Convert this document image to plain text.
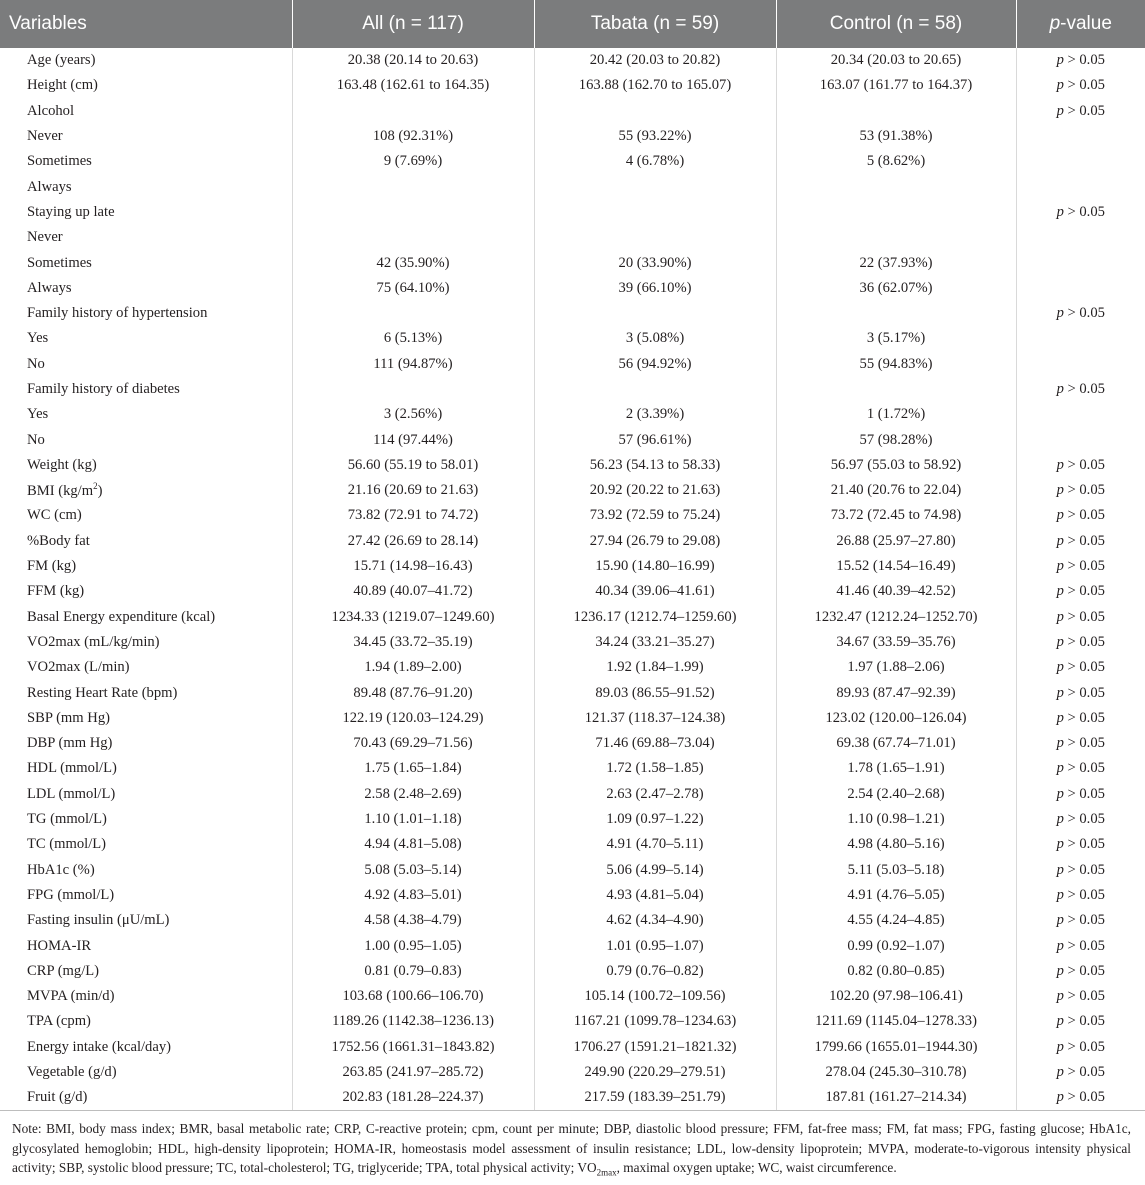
Variables	All (n = 117)	Tabata (n = 59)	Control (n = 58)	p-value
Age (years)	20.38 (20.14 to 20.63)	20.42 (20.03 to 20.82)	20.34 (20.03 to 20.65)	p > 0.05
Height (cm)	163.48 (162.61 to 164.35)	163.88 (162.70 to 165.07)	163.07 (161.77 to 164.37)	p > 0.05
Alcohol				p > 0.05
Never	108 (92.31%)	55 (93.22%)	53 (91.38%)	
Sometimes	9 (7.69%)	4 (6.78%)	5 (8.62%)	
Always				
Staying up late				p > 0.05
Never				
Sometimes	42 (35.90%)	20 (33.90%)	22 (37.93%)	
Always	75 (64.10%)	39 (66.10%)	36 (62.07%)	
Family history of hypertension				p > 0.05
Yes	6 (5.13%)	3 (5.08%)	3 (5.17%)	
No	111 (94.87%)	56 (94.92%)	55 (94.83%)	
Family history of diabetes				p > 0.05
Yes	3 (2.56%)	2 (3.39%)	1 (1.72%)	
No	114 (97.44%)	57 (96.61%)	57 (98.28%)	
Weight (kg)	56.60 (55.19 to 58.01)	56.23 (54.13 to 58.33)	56.97 (55.03 to 58.92)	p > 0.05
BMI $(kg/m^2)$	21.16 (20.69 to 21.63)	20.92 (20.22 to 21.63)	21.40 (20.76 to 22.04)	p > 0.05
WC (cm)	73.82 (72.91 to 74.72)	73.92 (72.59 to 75.24)	73.72 (72.45 to 74.98)	p > 0.05
%Body fat	27.42 (26.69 to 28.14)	27.94 (26.79 to 29.08)	26.88 (25.97–27.80)	p > 0.05
FM (kg)	15.71 (14.98–16.43)	15.90 (14.80–16.99)	15.52 (14.54–16.49)	p > 0.05
FFM (kg)	40.89 (40.07–41.72)	40.34 (39.06–41.61)	41.46 (40.39–42.52)	p > 0.05
Basal Energy expenditure (kcal)	1234.33 (1219.07–1249.60)	1236.17 (1212.74–1259.60)	1232.47 (1212.24–1252.70)	p > 0.05
VO2max (mL/kg/min)	34.45 (33.72–35.19)	34.24 (33.21–35.27)	34.67 (33.59–35.76)	p > 0.05
VO2max (L/min)	1.94 (1.89–2.00)	1.92 (1.84–1.99)	1.97 (1.88–2.06)	p > 0.05
Resting Heart Rate (bpm)	89.48 (87.76–91.20)	89.03 (86.55–91.52)	89.93 (87.47–92.39)	p > 0.05
SBP (mm Hg)	122.19 (120.03–124.29)	121.37 (118.37–124.38)	123.02 (120.00–126.04)	p > 0.05
DBP (mm Hg)	70.43 (69.29–71.56)	71.46 (69.88–73.04)	69.38 (67.74–71.01)	p > 0.05
HDL (mmol/L)	1.75 (1.65–1.84)	1.72 (1.58–1.85)	1.78 (1.65–1.91)	p > 0.05
LDL (mmol/L)	2.58 (2.48–2.69)	2.63 (2.47–2.78)	2.54 (2.40–2.68)	p > 0.05
TG (mmol/L)	1.10 (1.01–1.18)	1.09 (0.97–1.22)	1.10 (0.98–1.21)	p > 0.05
TC (mmol/L)	4.94 (4.81–5.08)	4.91 (4.70–5.11)	4.98 (4.80–5.16)	p > 0.05
HbA1c (%)	5.08 (5.03–5.14)	5.06 (4.99–5.14)	5.11 (5.03–5.18)	p > 0.05
FPG (mmol/L)	4.92 (4.83–5.01)	4.93 (4.81–5.04)	4.91 (4.76–5.05)	p > 0.05
Fasting insulin (μU/mL)	4.58 (4.38–4.79)	4.62 (4.34–4.90)	4.55 (4.24–4.85)	p > 0.05
HOMA-IR	1.00 (0.95–1.05)	1.01 (0.95–1.07)	0.99 (0.92–1.07)	p > 0.05
CRP (mg/L)	0.81 (0.79–0.83)	0.79 (0.76–0.82)	0.82 (0.80–0.85)	p > 0.05
MVPA (min/d)	103.68 (100.66–106.70)	105.14 (100.72–109.56)	102.20 (97.98–106.41)	p > 0.05
TPA (cpm)	1189.26 (1142.38–1236.13)	1167.21 (1099.78–1234.63)	1211.69 (1145.04–1278.33)	p > 0.05
Energy intake (kcal/day)	1752.56 (1661.31–1843.82)	1706.27 (1591.21–1821.32)	1799.66 (1655.01–1944.30)	p > 0.05
Vegetable (g/d)	263.85 (241.97–285.72)	249.90 (220.29–279.51)	278.04 (245.30–310.78)	p > 0.05
Fruit (g/d)	202.83 (181.28–224.37)	217.59 (183.39–251.79)	187.81 (161.27–214.34)	p > 0.05
Note: BMI, body mass index; BMR, basal metabolic rate; CRP, C-reactive protein; cpm, count per minute; DBP, diastolic blood pressure; FFM, fat-free mass; FM, fat mass; FPG, fasting glucose; HbA1c, glycosylated hemoglobin; HDL, high-density lipoprotein; HOMA-IR, homeostasis model assessment of insulin resistance; LDL, low-density lipoprotein; MVPA, moderate-to-vigorous intensity physical activity; SBP, systolic blood pressure; TC, total-cholesterol; TG, triglyceride; TPA, total physical activity; $VO_{2max}$, maximal oxygen uptake; WC, waist circumference.
